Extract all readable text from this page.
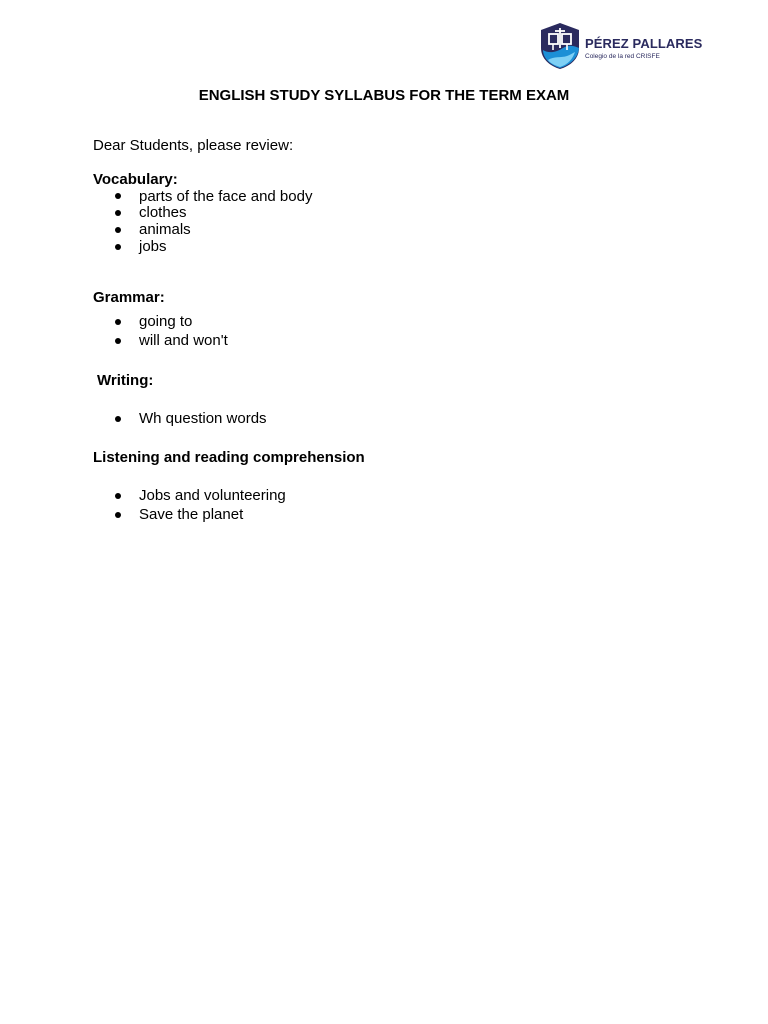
PÉREZ PALLARES
Colegio de la red CRISFE
ENGLISH STUDY SYLLABUS FOR THE TERM EXAM
Dear Students, please review:
Vocabulary:
parts of the face and body
clothes
animals
jobs
Grammar:
going to
will and won't
Writing:
Wh question words
Listening and reading comprehension
Jobs and volunteering
Save the planet
